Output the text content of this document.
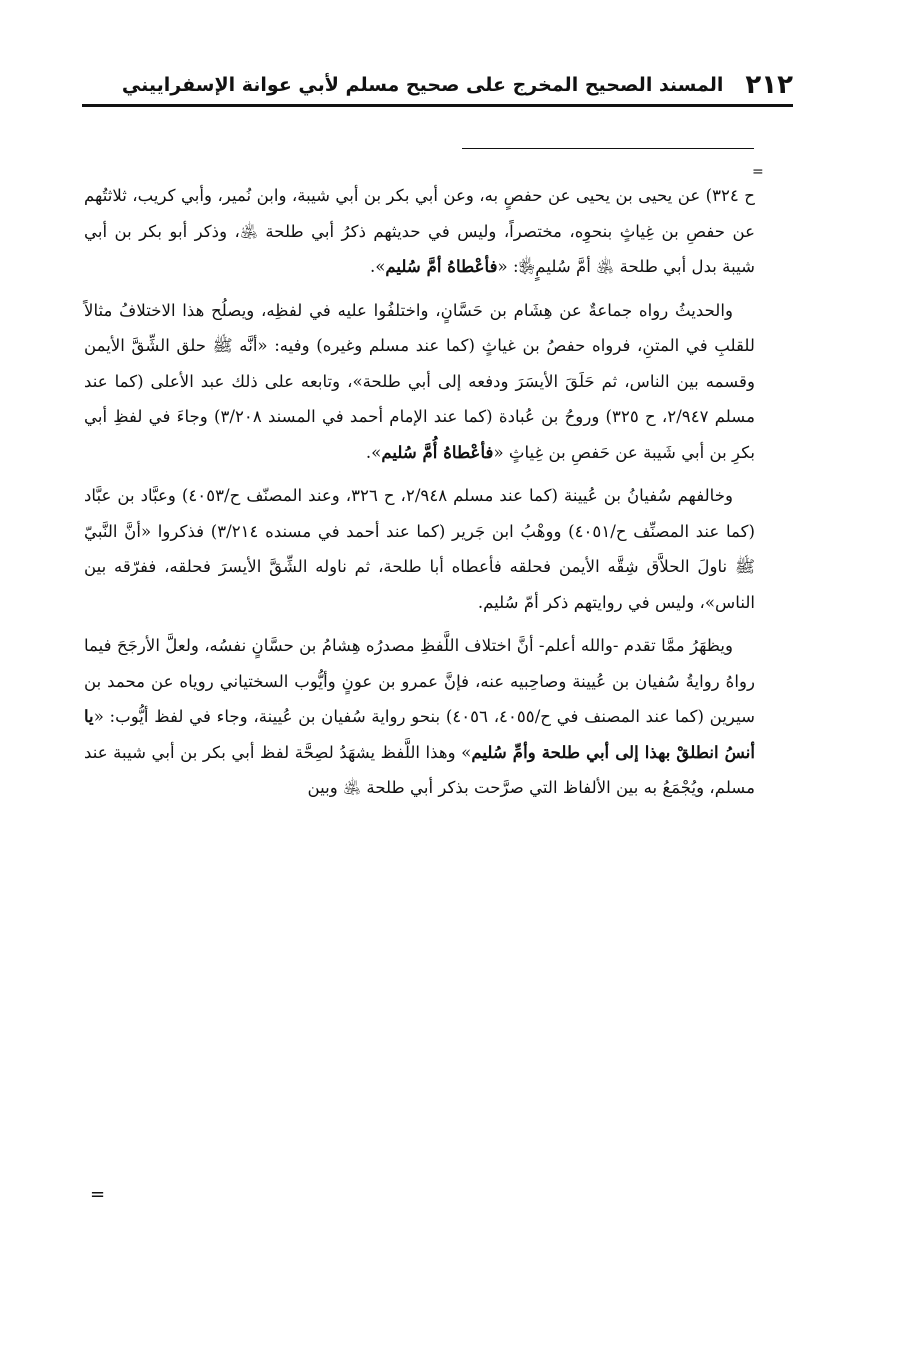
٢١٢
المسند الصحيح المخرج على صحيح مسلم لأبي عوانة الإسفراييني
=

ح ٣٢٤) عن يحيى بن يحيى عن حفصٍ به، وعن أبي بكر بن أبي شيبة، وابن نُمير، وأبي كريب، ثلاثتُهم عن حفصِ بن غِياثٍ بنحوِه، مختصراً، وليس في حديثهم ذكرُ أبي طلحة ﵁، وذكر أبو بكر بن أبي شيبة بدل أبي طلحة ﵁ أمَّ سُليمٍ﵂: «فأعْطاهُ أمَّ سُليم».

والحديثُ رواه جماعةٌ عن هِشَام بن حَسَّانٍ، واختلفُوا عليه في لفظِه، ويصلُح هذا الاختلافُ مثالاً للقلبِ في المتنِ، فرواه حفصُ بن غياثٍ (كما عند مسلم وغيره) وفيه: «أنَّه ﷺ حلق الشِّقَّ الأيمن وقسمه بين الناس، ثم حَلَقَ الأيسَرَ ودفعه إلى أبي طلحة»، وتابعه على ذلك عبد الأعلى (كما عند مسلم ٢/٩٤٧، ح ٣٢٥) وروحُ بن عُبادة (كما عند الإمام أحمد في المسند ٣/٢٠٨) وجاءَ في لفظِ أبي بكرِ بن أبي شَيبة عن حَفصِ بن غِياثٍ «فأعْطاهُ أُمَّ سُليم».

وخالفهم سُفيانُ بن عُيينة (كما عند مسلم ٢/٩٤٨، ح ٣٢٦، وعند المصنّف ح/٤٠٥٣) وعبَّاد بن عبَّاد (كما عند المصنِّف ح/٤٠٥١) ووهْبُ ابن جَرير (كما عند أحمد في مسنده ٣/٢١٤) فذكروا «أنَّ النَّبيّ ﷺ ناولَ الحلاَّق شِقَّه الأيمن فحلقه فأعطاه أبا طلحة، ثم ناوله الشِّقَّ الأيسرَ فحلقه، ففرّقه بين الناس»، وليس في روايتهم ذكر أمّ سُليم.

ويظهَرُ ممَّا تقدم -والله أعلم- أنَّ اختلاف اللَّفظِ مصدرُه هِشامُ بن حسَّانٍ نفسُه، ولعلَّ الأرجَحَ فيما رواهُ روايةُ سُفيان بن عُيينة وصاحِبيه عنه، فإنَّ عمرو بن عونٍ وأيُّوب السختياني روياه عن محمد بن سيرين (كما عند المصنف في ح/٤٠٥٥، ٤٠٥٦) بنحو رواية سُفيان بن عُيينة، وجاء في لفظ أيُّوب: «يا أنسُ انطلقْ بهذا إلى أبي طلحة وأمِّ سُليم» وهذا اللَّفظ يشهَدُ لصِحَّة لفظ أبي بكر بن أبي شيبة عند مسلم، ويُجْمَعُ به بين الألفاظ التي صرَّحت بذكر أبي طلحة ﵁ وبين

=
